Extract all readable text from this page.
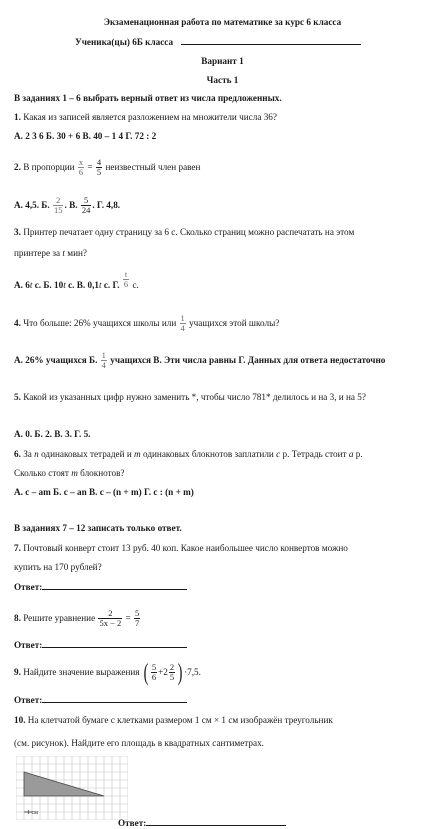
Экзаменационная работа по математике за курс 6 класса
Ученика(цы) 6Б класса
Вариант 1
Часть 1
В заданиях 1 – 6 выбрать верный ответ из числа предложенных.
1. Какая из записей является разложением на множители числа 36?
А. 2 3 6 Б. 30 + 6 В. 40 – 1 4 Г. 72 : 2
2. В пропорции $\frac{x}{6} = \frac{4}{5}$ неизвестный член равен
А. 4,5. Б. $\frac{2}{15}$ . В. $\frac{5}{24}$ . Г. 4,8.
3. Принтер печатает одну страницу за 6 с. Сколько страниц можно распечатать на этом
принтере за t мин?
А. 6t с. Б. 10t с. В. 0,1t с. Г. $\frac{t}{6} с$.
4. Что больше: 26% учащихся школы или $\frac{1}{4}$ учащихся этой школы?
А. 26% учащихся Б. $\frac{1}{4}$ учащихся В. Эти числа равны Г. Данных для ответа недостаточно
5. Какой из указанных цифр нужно заменить *, чтобы число 781* делилось и на 3, и на 5?
А. 0. Б. 2. В. 3. Г. 5.
6. За n одинаковых тетрадей и m одинаковых блокнотов заплатили c р. Тетрадь стоит a р.
Сколько стоят m блокнотов?
А. c – am Б. c – an В. c – (n + m) Г. c : (n + m)
В заданиях 7 – 12 записать только ответ.
7. Почтовый конверт стоит 13 руб. 40 коп. Какое наибольшее число конвертов можно
купить на 170 рублей?
Ответ:
8. Решите уравнение $\frac{2}{5x - 2} = \frac{5}{7}$
Ответ:
9. Найдите значение выражения ( $\frac{5}{6} +2 \frac{2}{5}$ ) ·7,5.
Ответ:
10. На клетчатой бумаге с клетками размером 1 см × 1 см изображён треугольник
(см. рисунок). Найдите его площадь в квадратных сантиметрах.
1 см
Ответ:
